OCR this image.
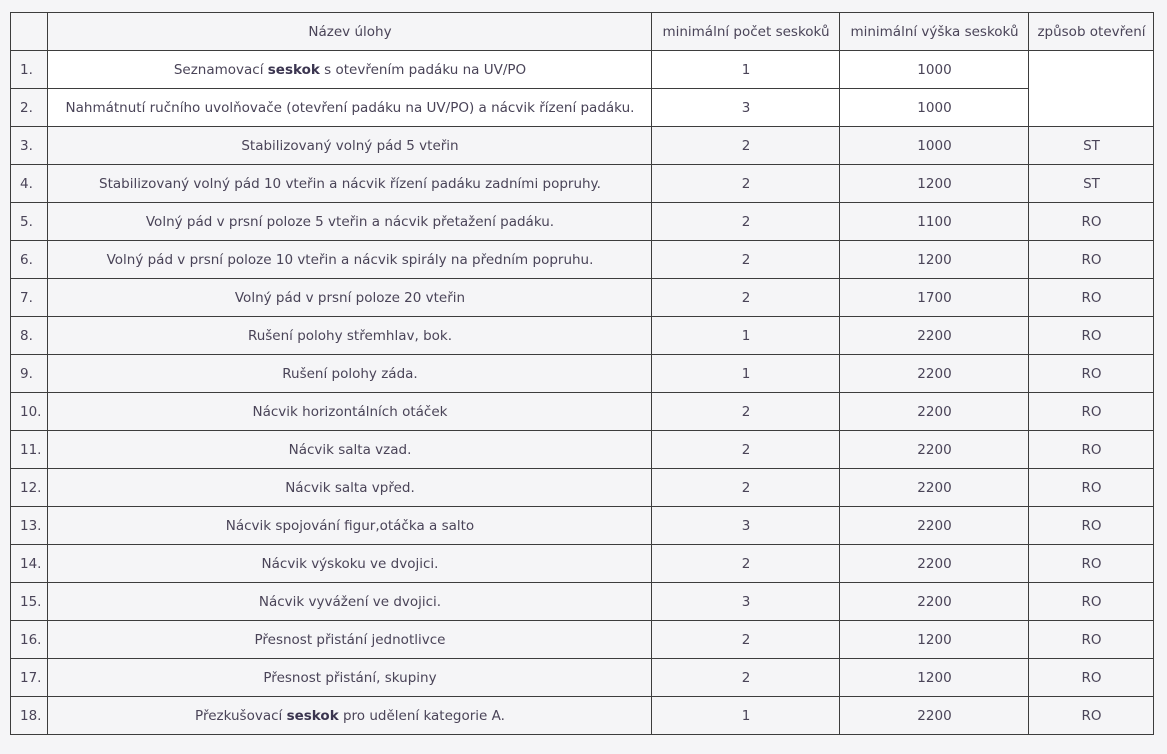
	Název úlohy	minimální počet seskoků	minimální výška seskoků	způsob otevření
1.	Seznamovací seskok s otevřením padáku na UV/PO	1	1000	
2.	Nahmátnutí ručního uvolňovače (otevření padáku na UV/PO) a nácvik řízení padáku.	3	1000	
3.	Stabilizovaný volný pád 5 vteřin	2	1000	ST
4.	Stabilizovaný volný pád 10 vteřin a nácvik řízení padáku zadními popruhy.	2	1200	ST
5.	Volný pád v prsní poloze 5 vteřin a nácvik přetažení padáku.	2	1100	RO
6.	Volný pád v prsní poloze 10 vteřin a nácvik spirály na předním popruhu.	2	1200	RO
7.	Volný pád v prsní poloze 20 vteřin	2	1700	RO
8.	Rušení polohy střemhlav, bok.	1	2200	RO
9.	Rušení polohy záda.	1	2200	RO
10.	Nácvik horizontálních otáček	2	2200	RO
11.	Nácvik salta vzad.	2	2200	RO
12.	Nácvik salta vpřed.	2	2200	RO
13.	Nácvik spojování figur,otáčka a salto	3	2200	RO
14.	Nácvik výskoku ve dvojici.	2	2200	RO
15.	Nácvik vyvážení ve dvojici.	3	2200	RO
16.	Přesnost přistání jednotlivce	2	1200	RO
17.	Přesnost přistání, skupiny	2	1200	RO
18.	Přezkušovací seskok pro udělení kategorie A.	1	2200	RO
